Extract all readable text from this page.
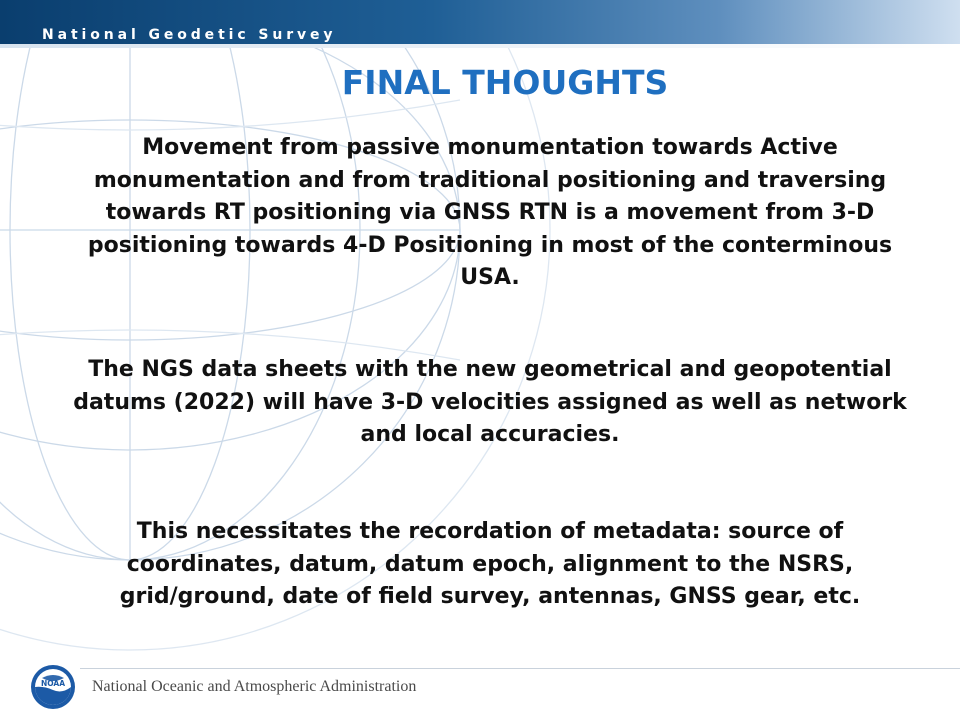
National Geodetic Survey
FINAL THOUGHTS
Movement from passive monumentation towards Active monumentation and from traditional positioning and traversing towards RT positioning via GNSS RTN is a movement from 3-D positioning towards 4-D Positioning in most of the conterminous USA.
The NGS data sheets with the new geometrical and geopotential datums (2022) will have 3-D velocities assigned as well as network and local accuracies.
This necessitates the recordation of metadata: source of coordinates, datum, datum epoch, alignment to the NSRS, grid/ground, date of field survey, antennas, GNSS gear, etc.
NOAA National Oceanic and Atmospheric Administration
